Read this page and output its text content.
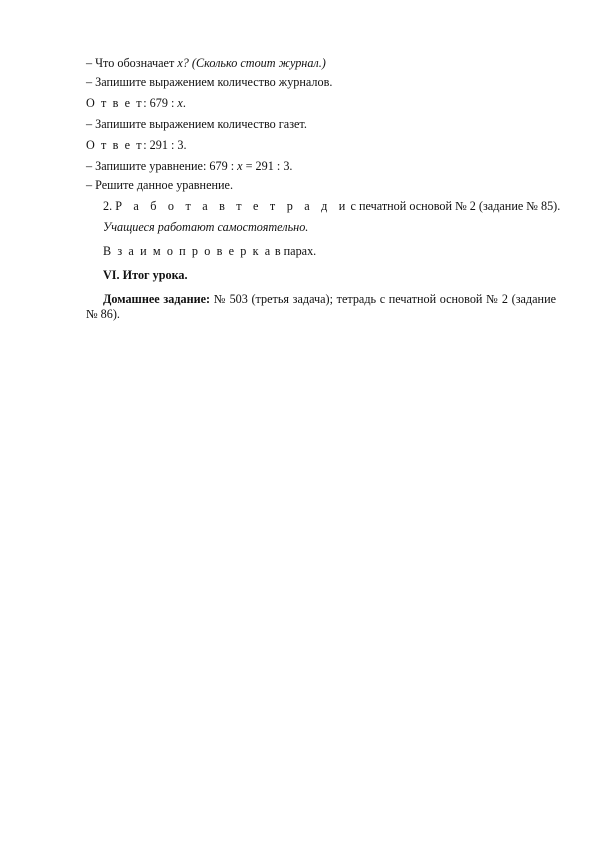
– Что обозначает x? (Сколько стоит журнал.)
– Запишите выражением количество журналов.
О т в е т: 679 : x.
– Запишите выражением количество газет.
О т в е т: 291 : 3.
– Запишите уравнение: 679 : x = 291 : 3.
– Решите данное уравнение.
2. Р а б о т а в т е т р а д и с печатной основой № 2 (задание № 85).
Учащиеся работают самостоятельно.
В з а и м о п р о в е р к а в парах.
VI. Итог урока.
Домашнее задание: № 503 (третья задача); тетрадь с печатной основой № 2 (задание № 86).
